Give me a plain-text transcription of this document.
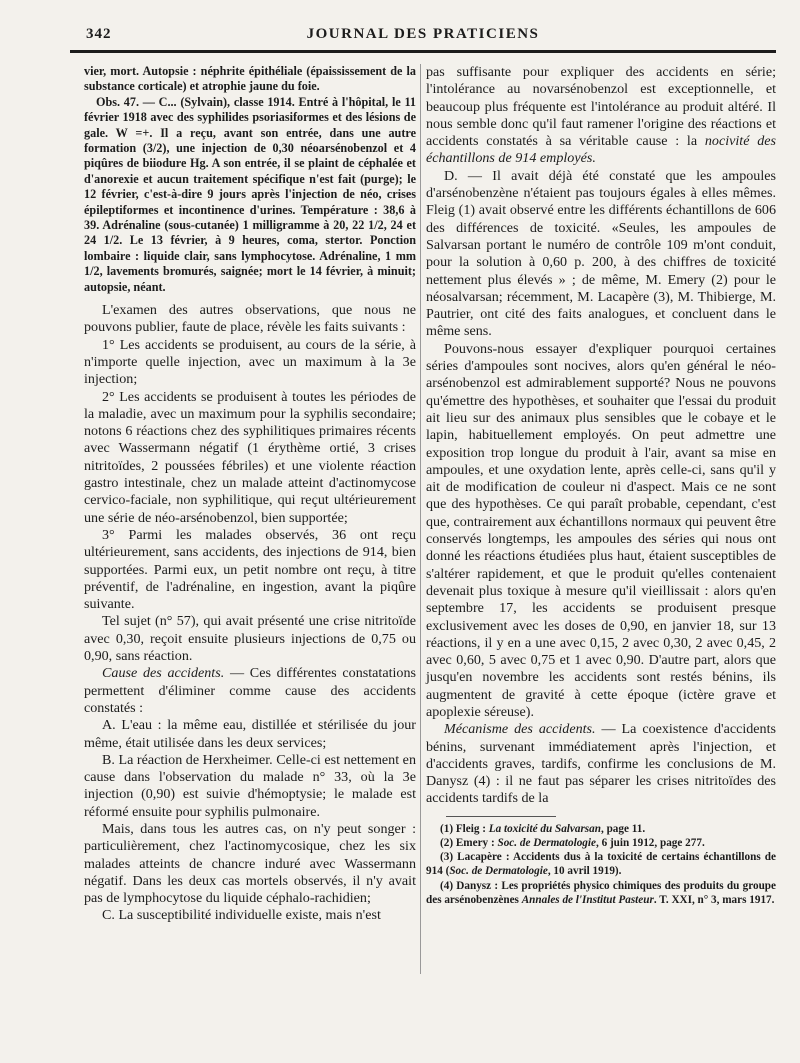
342	JOURNAL DES PRATICIENS

vier, mort. Autopsie : néphrite épithéliale (épaississement de la substance corticale) et atrophie jaune du foie.

Obs. 47. — C... (Sylvain), classe 1914. Entré à l'hôpital, le 11 février 1918 avec des syphilides psoriasiformes et des lésions de gale. W =+. Il a reçu, avant son entrée, dans une autre formation (3/2), une injection de 0,30 néoarsénobenzol et 4 piqûres de biiodure Hg. A son entrée, il se plaint de céphalée et d'anorexie et aucun traitement spécifique n'est fait (purge); le 12 février, c'est-à-dire 9 jours après l'injection de néo, crises épileptiformes et incontinence d'urines. Température : 38,6 à 39. Adrénaline (sous-cutanée) 1 milligramme à 20, 22 1/2, 24 et 24 1/2. Le 13 février, à 9 heures, coma, stertor. Ponction lombaire : liquide clair, sans lymphocytose. Adrénaline, 1 mm 1/2, lavements bromurés, saignée; mort le 14 février, à minuit; autopsie, néant.

L'examen des autres observations, que nous ne pouvons publier, faute de place, révèle les faits suivants :

1° Les accidents se produisent, au cours de la série, à n'importe quelle injection, avec un maximum à la 3e injection;

2° Les accidents se produisent à toutes les périodes de la maladie, avec un maximum pour la syphilis secondaire; notons 6 réactions chez des syphilitiques primaires récents avec Wassermann négatif (1 érythème ortié, 3 crises nitritoïdes, 2 poussées fébriles) et une violente réaction gastro intestinale, chez un malade atteint d'actinomycose cervico-faciale, non syphilitique, qui reçut ultérieurement une série de néo-arsénobenzol, bien supportée;

3° Parmi les malades observés, 36 ont reçu ultérieurement, sans accidents, des injections de 914, bien supportées. Parmi eux, un petit nombre ont reçu, à titre préventif, de l'adrénaline, en ingestion, avant la piqûre suivante.

Tel sujet (n° 57), qui avait présenté une crise nitritoïde avec 0,30, reçoit ensuite plusieurs injections de 0,75 ou 0,90, sans réaction.

Cause des accidents. — Ces différentes constatations permettent d'éliminer comme cause des accidents constatés :

A. L'eau : la même eau, distillée et stérilisée du jour même, était utilisée dans les deux services;

B. La réaction de Herxheimer. Celle-ci est nettement en cause dans l'observation du malade n° 33, où la 3e injection (0,90) est suivie d'hémoptysie; le malade est réformé ensuite pour syphilis pulmonaire.

Mais, dans tous les autres cas, on n'y peut songer : particulièrement, chez l'actinomycosique, chez les six malades atteints de chancre induré avec Wassermann négatif. Dans les deux cas mortels observés, il n'y avait pas de lymphocytose du liquide céphalo-rachidien;

C. La susceptibilité individuelle existe, mais n'est

pas suffisante pour expliquer des accidents en série; l'intolérance au novarsénobenzol est exceptionnelle, et beaucoup plus fréquente est l'intolérance au produit altéré. Il nous semble donc qu'il faut ramener l'origine des réactions et accidents constatés à sa véritable cause : la nocivité des échantillons de 914 employés.

D. — Il avait déjà été constaté que les ampoules d'arsénobenzène n'étaient pas toujours égales à elles mêmes. Fleig (1) avait observé entre les différents échantillons de 606 des différences de toxicité. «Seules, les ampoules de Salvarsan portant le numéro de contrôle 109 m'ont conduit, pour la solution à 0,60 p. 200, à des chiffres de toxicité nettement plus élevés » ; de même, M. Emery (2) pour le néosalvarsan; récemment, M. Lacapère (3), M. Thibierge, M. Pautrier, ont cité des faits analogues, et concluent dans le même sens.

Pouvons-nous essayer d'expliquer pourquoi certaines séries d'ampoules sont nocives, alors qu'en général le néo-arsénobenzol est admirablement supporté? Nous ne pouvons qu'émettre des hypothèses, et souhaiter que l'essai du produit ait lieu sur des animaux plus sensibles que le cobaye et le lapin, habituellement employés. On peut admettre une exposition trop longue du produit à l'air, avant sa mise en ampoules, et une oxydation lente, après celle-ci, sans qu'il y ait de modification de couleur ni d'aspect. Mais ce ne sont que des hypothèses. Ce qui paraît probable, cependant, c'est que, contrairement aux échantillons normaux qui peuvent être conservés longtemps, les ampoules des séries qui nous ont donné les réactions étudiées plus haut, étaient susceptibles de s'altérer rapidement, et que le produit qu'elles contenaient devenait plus toxique à mesure qu'il vieillissait : alors qu'en septembre 17, les accidents se produisent presque exclusivement avec les doses de 0,90, en janvier 18, sur 13 réactions, il y en a une avec 0,15, 2 avec 0,30, 2 avec 0,45, 2 avec 0,60, 5 avec 0,75 et 1 avec 0,90. D'autre part, alors que jusqu'en novembre les accidents sont restés bénins, ils augmentent de gravité à cette époque (ictère grave et apoplexie séreuse).

Mécanisme des accidents. — La coexistence d'accidents bénins, survenant immédiatement après l'injection, et d'accidents graves, tardifs, confirme les conclusions de M. Danysz (4) : il ne faut pas séparer les crises nitritoïdes des accidents tardifs de la

(1) Fleig : La toxicité du Salvarsan, page 11.

(2) Emery : Soc. de Dermatologie, 6 juin 1912, page 277.

(3) Lacapère : Accidents dus à la toxicité de certains échantillons de 914 (Soc. de Dermatologie, 10 avril 1919).

(4) Danysz : Les propriétés physico chimiques des produits du groupe des arsénobenzènes Annales de l'Institut Pasteur. T. XXI, n° 3, mars 1917.
